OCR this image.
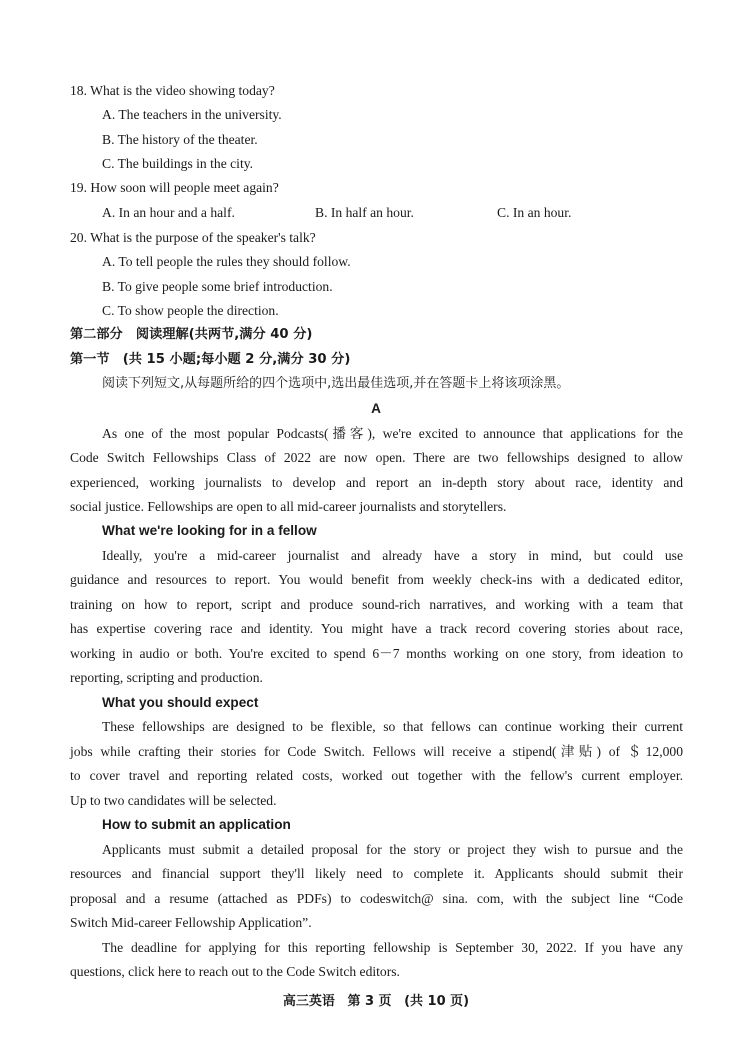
18. What is the video showing today?
A. The teachers in the university.
B. The history of the theater.
C. The buildings in the city.
19. How soon will people meet again?
A. In an hour and a half.	B. In half an hour.	C. In an hour.
20. What is the purpose of the speaker's talk?
A. To tell people the rules they should follow.
B. To give people some brief introduction.
C. To show people the direction.
第二部分　阅读理解(共两节,满分 40 分)
第一节　(共 15 小题;每小题 2 分,满分 30 分)
阅读下列短文,从每题所给的四个选项中,选出最佳选项,并在答题卡上将该项涂黑。
A
As one of the most popular Podcasts(播客), we're excited to announce that applications for the
Code Switch Fellowships Class of 2022 are now open. There are two fellowships designed to allow
experienced, working journalists to develop and report an in-depth story about race, identity and
social justice. Fellowships are open to all mid-career journalists and storytellers.
What we're looking for in a fellow
Ideally, you're a mid-career journalist and already have a story in mind, but could use
guidance and resources to report. You would benefit from weekly check-ins with a dedicated editor,
training on how to report, script and produce sound-rich narratives, and working with a team that
has expertise covering race and identity. You might have a track record covering stories about race,
working in audio or both. You're excited to spend 6－7 months working on one story, from ideation to
reporting, scripting and production.
What you should expect
These fellowships are designed to be flexible, so that fellows can continue working their current
jobs while crafting their stories for Code Switch. Fellows will receive a stipend(津贴) of ＄12,000
to cover travel and reporting related costs, worked out together with the fellow's current employer.
Up to two candidates will be selected.
How to submit an application
Applicants must submit a detailed proposal for the story or project they wish to pursue and the
resources and financial support they'll likely need to complete it. Applicants should submit their
proposal and a resume (attached as PDFs) to codeswitch@ sina. com, with the subject line “Code
Switch Mid-career Fellowship Application”.
The deadline for applying for this reporting fellowship is September 30, 2022. If you have any
questions, click here to reach out to the Code Switch editors.
高三英语 第 3 页 (共 10 页)
